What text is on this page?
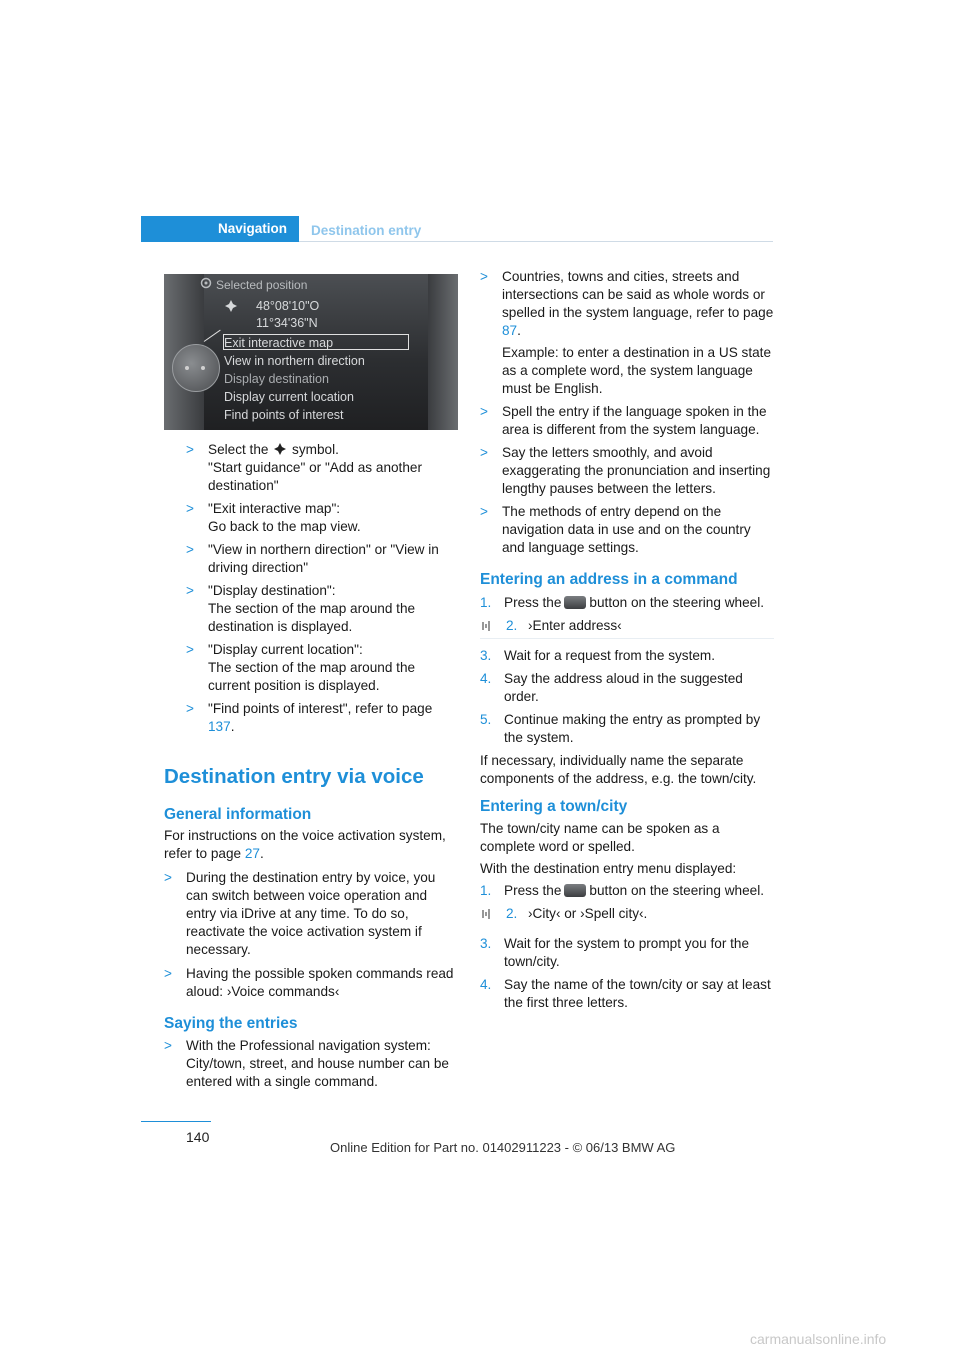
Navigation Destination entry
Selected position
48°08'10"O
11°34'36"N
Exit interactive map
View in northern direction
Display destination
Display current location
Find points of interest

> Select the symbol.
"Start guidance" or "Add as another destination"

> "Exit interactive map":
Go back to the map view.

> "View in northern direction" or "View in driving direction"

> "Display destination":
The section of the map around the destination is displayed.

> "Display current location":
The section of the map around the current position is displayed.

> "Find points of interest", refer to page 137.

Destination entry via voice
General information

For instructions on the voice activation system, refer to page 27.

> During the destination entry by voice, you can switch between voice operation and entry via iDrive at any time. To do so, reactivate the voice activation system if necessary.

> Having the possible spoken commands read aloud: ›Voice commands‹

Saying the entries

> With the Professional navigation system: City/town, street, and house number can be entered with a single command.

> Countries, towns and cities, streets and intersections can be said as whole words or spelled in the system language, refer to page 87.

Example: to enter a destination in a US state as a complete word, the system language must be English.

> Spell the entry if the language spoken in the area is different from the system language.

> Say the letters smoothly, and avoid exaggerating the pronunciation and inserting lengthy pauses between the letters.

> The methods of entry depend on the navigation data in use and on the country and language settings.

Entering an address in a command

1. Press the button on the steering wheel.

2. ›Enter address‹

3. Wait for a request from the system.

4. Say the address aloud in the suggested order.

5. Continue making the entry as prompted by the system.

If necessary, individually name the separate components of the address, e.g. the town/city.

Entering a town/city

The town/city name can be spoken as a complete word or spelled.

With the destination entry menu displayed:

1. Press the button on the steering wheel.

2. ›City‹ or ›Spell city‹.

3. Wait for the system to prompt you for the town/city.

4. Say the name of the town/city or say at least the first three letters.

140
Online Edition for Part no. 01402911223 - © 06/13 BMW AG
carmanualsonline.info
